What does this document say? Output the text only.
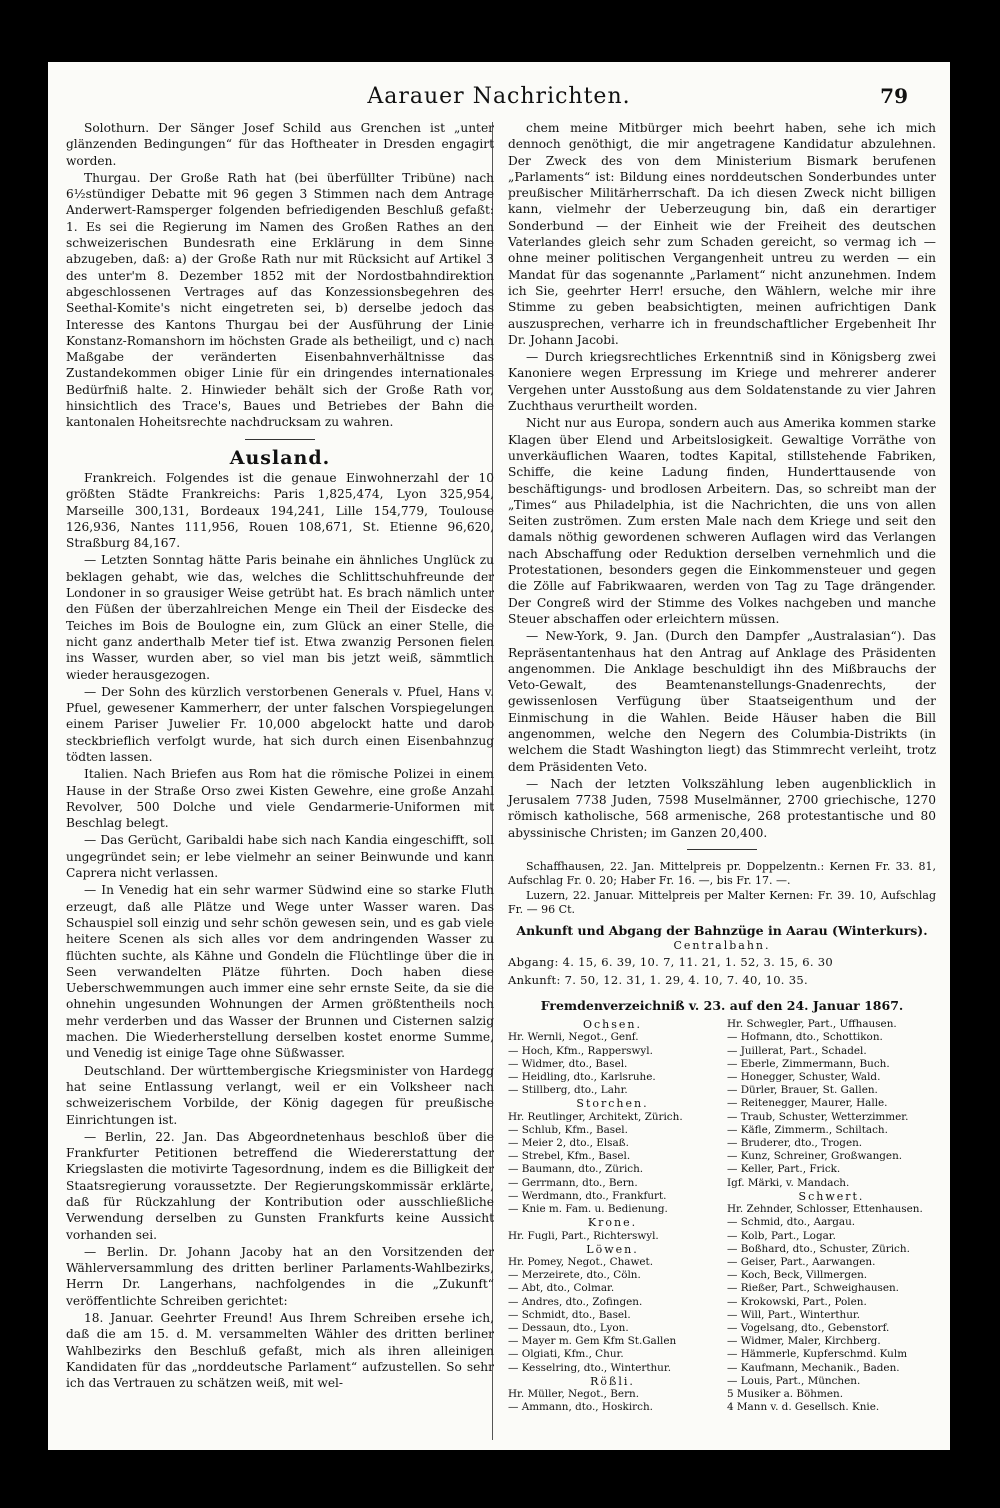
Aarauer Nachrichten.	79

Solothurn. Der Sänger Josef Schild aus Grenchen ist „unter glänzenden Bedingungen“ für das Hoftheater in Dresden engagirt worden.

Thurgau. Der Große Rath hat (bei überfüllter Tribüne) nach 6½stündiger Debatte mit 96 gegen 3 Stimmen nach dem Antrage Anderwert-Ramsperger folgenden befriedigenden Beschluß gefaßt: 1. Es sei die Regierung im Namen des Großen Rathes an den schweizerischen Bundesrath eine Erklärung in dem Sinne abzugeben, daß: a) der Große Rath nur mit Rücksicht auf Artikel 3 des unter'm 8. Dezember 1852 mit der Nordostbahndirektion abgeschlossenen Vertrages auf das Konzessionsbegehren des Seethal-Komite's nicht eingetreten sei, b) derselbe jedoch das Interesse des Kantons Thurgau bei der Ausführung der Linie Konstanz-Romanshorn im höchsten Grade als betheiligt, und c) nach Maßgabe der veränderten Eisenbahnverhältnisse das Zustandekommen obiger Linie für ein dringendes internationales Bedürfniß halte. 2. Hinwieder behält sich der Große Rath vor, hinsichtlich des Trace's, Baues und Betriebes der Bahn die kantonalen Hoheitsrechte nachdrucksam zu wahren.

Ausland.

Frankreich. Folgendes ist die genaue Einwohnerzahl der 10 größten Städte Frankreichs: Paris 1,825,474, Lyon 325,954, Marseille 300,131, Bordeaux 194,241, Lille 154,779, Toulouse 126,936, Nantes 111,956, Rouen 108,671, St. Etienne 96,620, Straßburg 84,167.

— Letzten Sonntag hätte Paris beinahe ein ähnliches Unglück zu beklagen gehabt, wie das, welches die Schlittschuhfreunde der Londoner in so grausiger Weise getrübt hat. Es brach nämlich unter den Füßen der überzahlreichen Menge ein Theil der Eisdecke des Teiches im Bois de Boulogne ein, zum Glück an einer Stelle, die nicht ganz anderthalb Meter tief ist. Etwa zwanzig Personen fielen ins Wasser, wurden aber, so viel man bis jetzt weiß, sämmtlich wieder herausgezogen.

— Der Sohn des kürzlich verstorbenen Generals v. Pfuel, Hans v. Pfuel, gewesener Kammerherr, der unter falschen Vorspiegelungen einem Pariser Juwelier Fr. 10,000 abgelockt hatte und darob steckbrieflich verfolgt wurde, hat sich durch einen Eisenbahnzug tödten lassen.

Italien. Nach Briefen aus Rom hat die römische Polizei in einem Hause in der Straße Orso zwei Kisten Gewehre, eine große Anzahl Revolver, 500 Dolche und viele Gendarmerie-Uniformen mit Beschlag belegt.

— Das Gerücht, Garibaldi habe sich nach Kandia eingeschifft, soll ungegründet sein; er lebe vielmehr an seiner Beinwunde und kann Caprera nicht verlassen.

— In Venedig hat ein sehr warmer Südwind eine so starke Fluth erzeugt, daß alle Plätze und Wege unter Wasser waren. Das Schauspiel soll einzig und sehr schön gewesen sein, und es gab viele heitere Scenen als sich alles vor dem andringenden Wasser zu flüchten suchte, als Kähne und Gondeln die Flüchtlinge über die in Seen verwandelten Plätze führten. Doch haben diese Ueberschwemmungen auch immer eine sehr ernste Seite, da sie die ohnehin ungesunden Wohnungen der Armen größtentheils noch mehr verderben und das Wasser der Brunnen und Cisternen salzig machen. Die Wiederherstellung derselben kostet enorme Summe, und Venedig ist einige Tage ohne Süßwasser.

Deutschland. Der württembergische Kriegsminister von Hardegg hat seine Entlassung verlangt, weil er ein Volksheer nach schweizerischem Vorbilde, der König dagegen für preußische Einrichtungen ist.

— Berlin, 22. Jan. Das Abgeordnetenhaus beschloß über die Frankfurter Petitionen betreffend die Wiedererstattung der Kriegslasten die motivirte Tagesordnung, indem es die Billigkeit der Staatsregierung voraussetzte. Der Regierungskommissär erklärte, daß für Rückzahlung der Kontribution oder ausschließliche Verwendung derselben zu Gunsten Frankfurts keine Aussicht vorhanden sei.

— Berlin. Dr. Johann Jacoby hat an den Vorsitzenden der Wählerversammlung des dritten berliner Parlaments-Wahlbezirks, Herrn Dr. Langerhans, nachfolgendes in die „Zukunft“ veröffentlichte Schreiben gerichtet:

18. Januar. Geehrter Freund! Aus Ihrem Schreiben ersehe ich, daß die am 15. d. M. versammelten Wähler des dritten berliner Wahlbezirks den Beschluß gefaßt, mich als ihren alleinigen Kandidaten für das „norddeutsche Parlament“ aufzustellen. So sehr ich das Vertrauen zu schätzen weiß, mit wel-

chem meine Mitbürger mich beehrt haben, sehe ich mich dennoch genöthigt, die mir angetragene Kandidatur abzulehnen. Der Zweck des von dem Ministerium Bismark berufenen „Parlaments“ ist: Bildung eines norddeutschen Sonderbundes unter preußischer Militärherrschaft. Da ich diesen Zweck nicht billigen kann, vielmehr der Ueberzeugung bin, daß ein derartiger Sonderbund — der Einheit wie der Freiheit des deutschen Vaterlandes gleich sehr zum Schaden gereicht, so vermag ich — ohne meiner politischen Vergangenheit untreu zu werden — ein Mandat für das sogenannte „Parlament“ nicht anzunehmen. Indem ich Sie, geehrter Herr! ersuche, den Wählern, welche mir ihre Stimme zu geben beabsichtigten, meinen aufrichtigen Dank auszusprechen, verharre ich in freundschaftlicher Ergebenheit Ihr Dr. Johann Jacobi.

— Durch kriegsrechtliches Erkenntniß sind in Königsberg zwei Kanoniere wegen Erpressung im Kriege und mehrerer anderer Vergehen unter Ausstoßung aus dem Soldatenstande zu vier Jahren Zuchthaus verurtheilt worden.

Nicht nur aus Europa, sondern auch aus Amerika kommen starke Klagen über Elend und Arbeitslosigkeit. Gewaltige Vorräthe von unverkäuflichen Waaren, todtes Kapital, stillstehende Fabriken, Schiffe, die keine Ladung finden, Hunderttausende von beschäftigungs- und brodlosen Arbeitern. Das, so schreibt man der „Times“ aus Philadelphia, ist die Nachrichten, die uns von allen Seiten zuströmen. Zum ersten Male nach dem Kriege und seit den damals nöthig gewordenen schweren Auflagen wird das Verlangen nach Abschaffung oder Reduktion derselben vernehmlich und die Protestationen, besonders gegen die Einkommensteuer und gegen die Zölle auf Fabrikwaaren, werden von Tag zu Tage drängender. Der Congreß wird der Stimme des Volkes nachgeben und manche Steuer abschaffen oder erleichtern müssen.

— New-York, 9. Jan. (Durch den Dampfer „Australasian“). Das Repräsentantenhaus hat den Antrag auf Anklage des Präsidenten angenommen. Die Anklage beschuldigt ihn des Mißbrauchs der Veto-Gewalt, des Beamtenanstellungs-Gnadenrechts, der gewissenlosen Verfügung über Staatseigenthum und der Einmischung in die Wahlen. Beide Häuser haben die Bill angenommen, welche den Negern des Columbia-Distrikts (in welchem die Stadt Washington liegt) das Stimmrecht verleiht, trotz dem Präsidenten Veto.

— Nach der letzten Volkszählung leben augenblicklich in Jerusalem 7738 Juden, 7598 Muselmänner, 2700 griechische, 1270 römisch katholische, 568 armenische, 268 protestantische und 80 abyssinische Christen; im Ganzen 20,400.

Schaffhausen, 22. Jan. Mittelpreis pr. Doppelzentn.: Kernen Fr. 33. 81, Aufschlag Fr. 0. 20; Haber Fr. 16. —, bis Fr. 17. —.

Luzern, 22. Januar. Mittelpreis per Malter Kernen: Fr. 39. 10, Aufschlag Fr. — 96 Ct.

Ankunft und Abgang der Bahnzüge in Aarau (Winterkurs).

Centralbahn.

Abgang: 4. 15, 6. 39, 10. 7, 11. 21, 1. 52, 3. 15, 6. 30

Ankunft: 7. 50, 12. 31, 1. 29, 4. 10, 7. 40, 10. 35.

Fremdenverzeichniß v. 23. auf den 24. Januar 1867.
Ochsen.
Hr. Wernli, Negot., Genf.
— Hoch, Kfm., Rapperswyl.
— Widmer, dto., Basel.
— Heidling, dto., Karlsruhe.
— Stillberg, dto., Lahr.
Storchen.
Hr. Reutlinger, Architekt, Zürich.
— Schlub, Kfm., Basel.
— Meier 2, dto., Elsaß.
— Strebel, Kfm., Basel.
— Baumann, dto., Zürich.
— Gerrmann, dto., Bern.
— Werdmann, dto., Frankfurt.
— Knie m. Fam. u. Bedienung.
Krone.
Hr. Fugli, Part., Richterswyl.
Löwen.
Hr. Pomey, Negot., Chawet.
— Merzeirete, dto., Cöln.
— Abt, dto., Colmar.
— Andres, dto., Zofingen.
— Schmidt, dto., Basel.
— Dessaun, dto., Lyon.
— Mayer m. Gem Kfm St.Gallen
— Olgiati, Kfm., Chur.
— Kesselring, dto., Winterthur.
Rößli.
Hr. Müller, Negot., Bern.
— Ammann, dto., Hoskirch.
Hr. Schwegler, Part., Uffhausen.
— Hofmann, dto., Schottikon.
— Juillerat, Part., Schadel.
— Eberle, Zimmermann, Buch.
— Honegger, Schuster, Wald.
— Dürler, Brauer, St. Gallen.
— Reitenegger, Maurer, Halle.
— Traub, Schuster, Wetterzimmer.
— Käfle, Zimmerm., Schiltach.
— Bruderer, dto., Trogen.
— Kunz, Schreiner, Großwangen.
— Keller, Part., Frick.
Igf. Märki, v. Mandach.
Schwert.
Hr. Zehnder, Schlosser, Ettenhausen.
— Schmid, dto., Aargau.
— Kolb, Part., Logar.
— Boßhard, dto., Schuster, Zürich.
— Geiser, Part., Aarwangen.
— Koch, Beck, Villmergen.
— Rießer, Part., Schweighausen.
— Krokowski, Part., Polen.
— Will, Part., Winterthur.
— Vogelsang, dto., Gebenstorf.
— Widmer, Maler, Kirchberg.
— Hämmerle, Kupferschmd. Kulm
— Kaufmann, Mechanik., Baden.
— Louis, Part., München.
5 Musiker a. Böhmen.
4 Mann v. d. Gesellsch. Knie.
